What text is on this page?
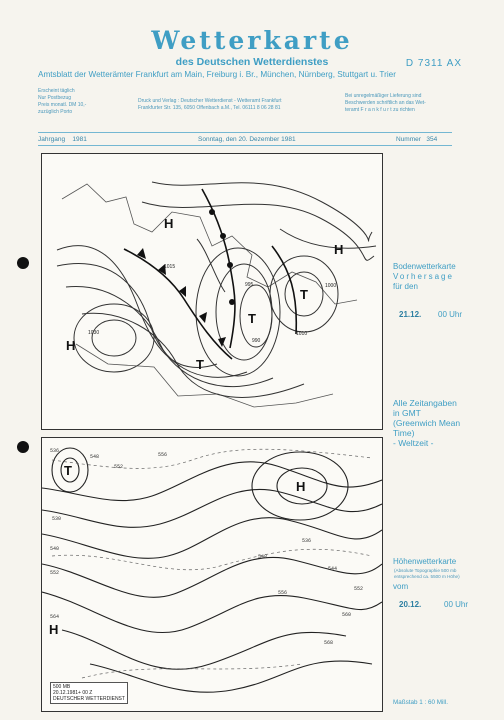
Wetterkarte
des Deutschen Wetterdienstes	D 7311 AX
Amtsblatt der Wetterämter Frankfurt am Main, Freiburg i. Br., München, Nürnberg, Stuttgart u. Trier
Erscheint täglich
Nur Postbezug
Preis monatl. DM 10,-
zuzüglich Porto
Druck und Verlag : Deutscher Wetterdienst - Wetteramt Frankfurt
Frankfurter Str. 135, 6050 Offenbach a.M., Tel. 06111 8 06 28 81
Bei unregelmäßiger Lieferung sind
Beschwerden schriftlich an das Wet-
teramt F r a n k f u r t zu richten
Jahrgang 1981	Sonntag, den 20. Dezember 1981	Nummer 354
H
T
T
H
H
T
1015
995
990
1000
1030	1010
Bodenwetterkarte
Vorhersage
für den
21.12. 00 Uhr
Alle Zeitangaben
in GMT
(Greenwich Mean
Time)
- Weltzeit -
536
548
552
556
530
540
552
564
536
544
552
560
548
556
568
T
H
H
500 MB
20.12.1981+ 00 Z
DEUTSCHER WETTERDIENST
Höhenwetterkarte
(Absolute Topographie 500 mb
entsprechend ca. 5500 m Höhe)
vom
20.12.	00 Uhr
Maßstab 1 : 60 Mill.
